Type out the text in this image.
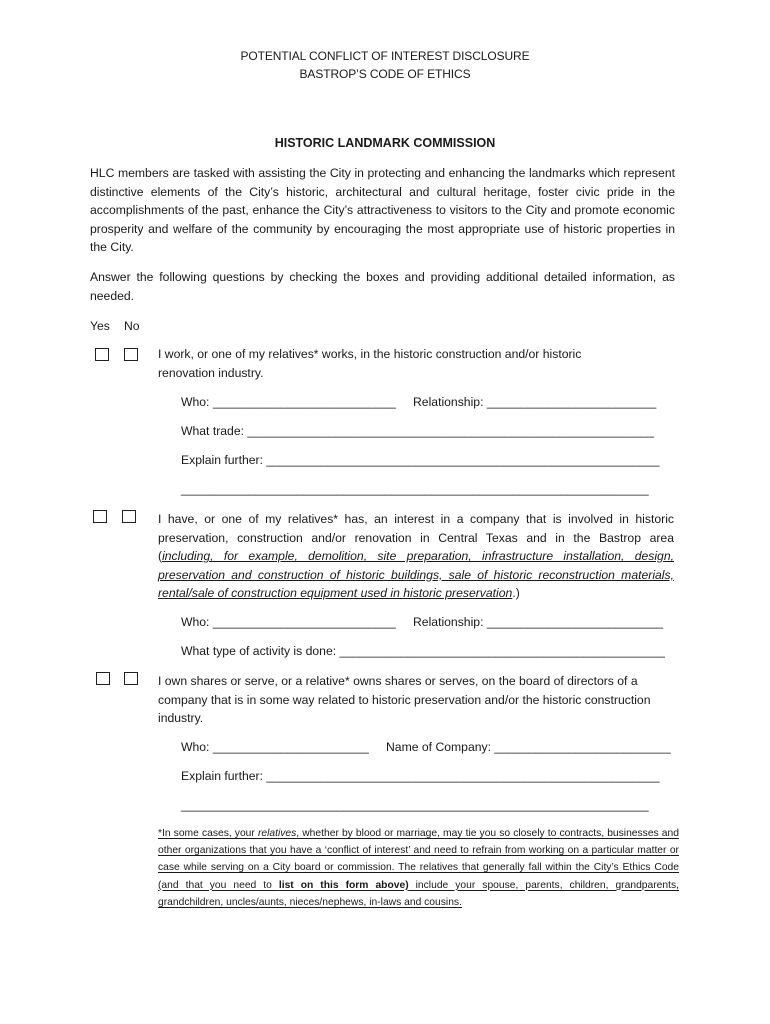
POTENTIAL CONFLICT OF INTEREST DISCLOSURE
BASTROP’S CODE OF ETHICS
HISTORIC LANDMARK COMMISSION
HLC members are tasked with assisting the City in protecting and enhancing the landmarks which represent distinctive elements of the City’s historic, architectural and cultural heritage, foster civic pride in the accomplishments of the past, enhance the City’s attractiveness to visitors to the City and promote economic prosperity and welfare of the community by encouraging the most appropriate use of historic properties in the City.
Answer the following questions by checking the boxes and providing additional detailed information, as needed.
Yes No
I work, or one of my relatives* works, in the historic construction and/or historic renovation industry.
Who: ___________________________ Relationship: _________________________
What trade: ____________________________________________________________
Explain further: __________________________________________________________
_____________________________________________________________________
I have, or one of my relatives* has, an interest in a company that is involved in historic preservation, construction and/or renovation in Central Texas and in the Bastrop area (including, for example, demolition, site preparation, infrastructure installation, design, preservation and construction of historic buildings, sale of historic reconstruction materials, rental/sale of construction equipment used in historic preservation.)
Who: ___________________________ Relationship: __________________________
What type of activity is done: ________________________________________________
I own shares or serve, or a relative* owns shares or serves, on the board of directors of a company that is in some way related to historic preservation and/or the historic construction industry.
Who: _______________________ Name of Company: __________________________
Explain further: __________________________________________________________
_____________________________________________________________________
*In some cases, your relatives, whether by blood or marriage, may tie you so closely to contracts, businesses and other organizations that you have a ‘conflict of interest’ and need to refrain from working on a particular matter or case while serving on a City board or commission. The relatives that generally fall within the City’s Ethics Code (and that you need to list on this form above) include your spouse, parents, children, grandparents, grandchildren, uncles/aunts, nieces/nephews, in-laws and cousins.
